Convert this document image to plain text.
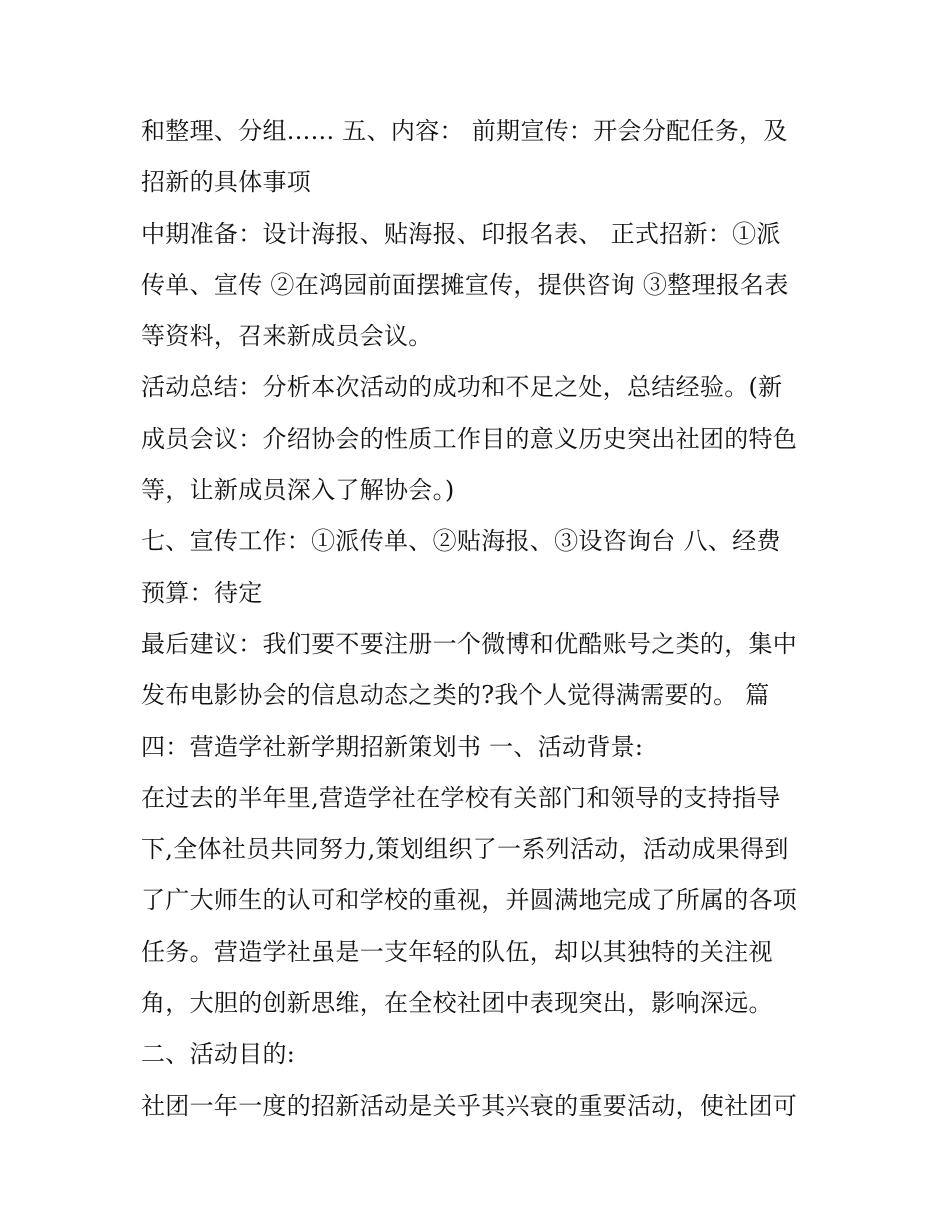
和整理、分组...... 五、内容： 前期宣传：开会分配任务，及
招新的具体事项
中期准备：设计海报、贴海报、印报名表、 正式招新：①派
传单、宣传 ②在鸿园前面摆摊宣传，提供咨询 ③整理报名表
等资料，召来新成员会议。
活动总结：分析本次活动的成功和不足之处，总结经验。(新
成员会议：介绍协会的性质工作目的意义历史突出社团的特色
等，让新成员深入了解协会。)
七、宣传工作：①派传单、②贴海报、③设咨询台 八、经费
预算：待定
最后建议：我们要不要注册一个微博和优酷账号之类的，集中
发布电影协会的信息动态之类的?我个人觉得满需要的。 篇
四：营造学社新学期招新策划书 一、活动背景:
在过去的半年里,营造学社在学校有关部门和领导的支持指导
下,全体社员共同努力,策划组织了一系列活动，活动成果得到
了广大师生的认可和学校的重视，并圆满地完成了所属的各项
任务。营造学社虽是一支年轻的队伍，却以其独特的关注视
角，大胆的创新思维，在全校社团中表现突出，影响深远。
二、活动目的:
社团一年一度的招新活动是关乎其兴衰的重要活动，使社团可
